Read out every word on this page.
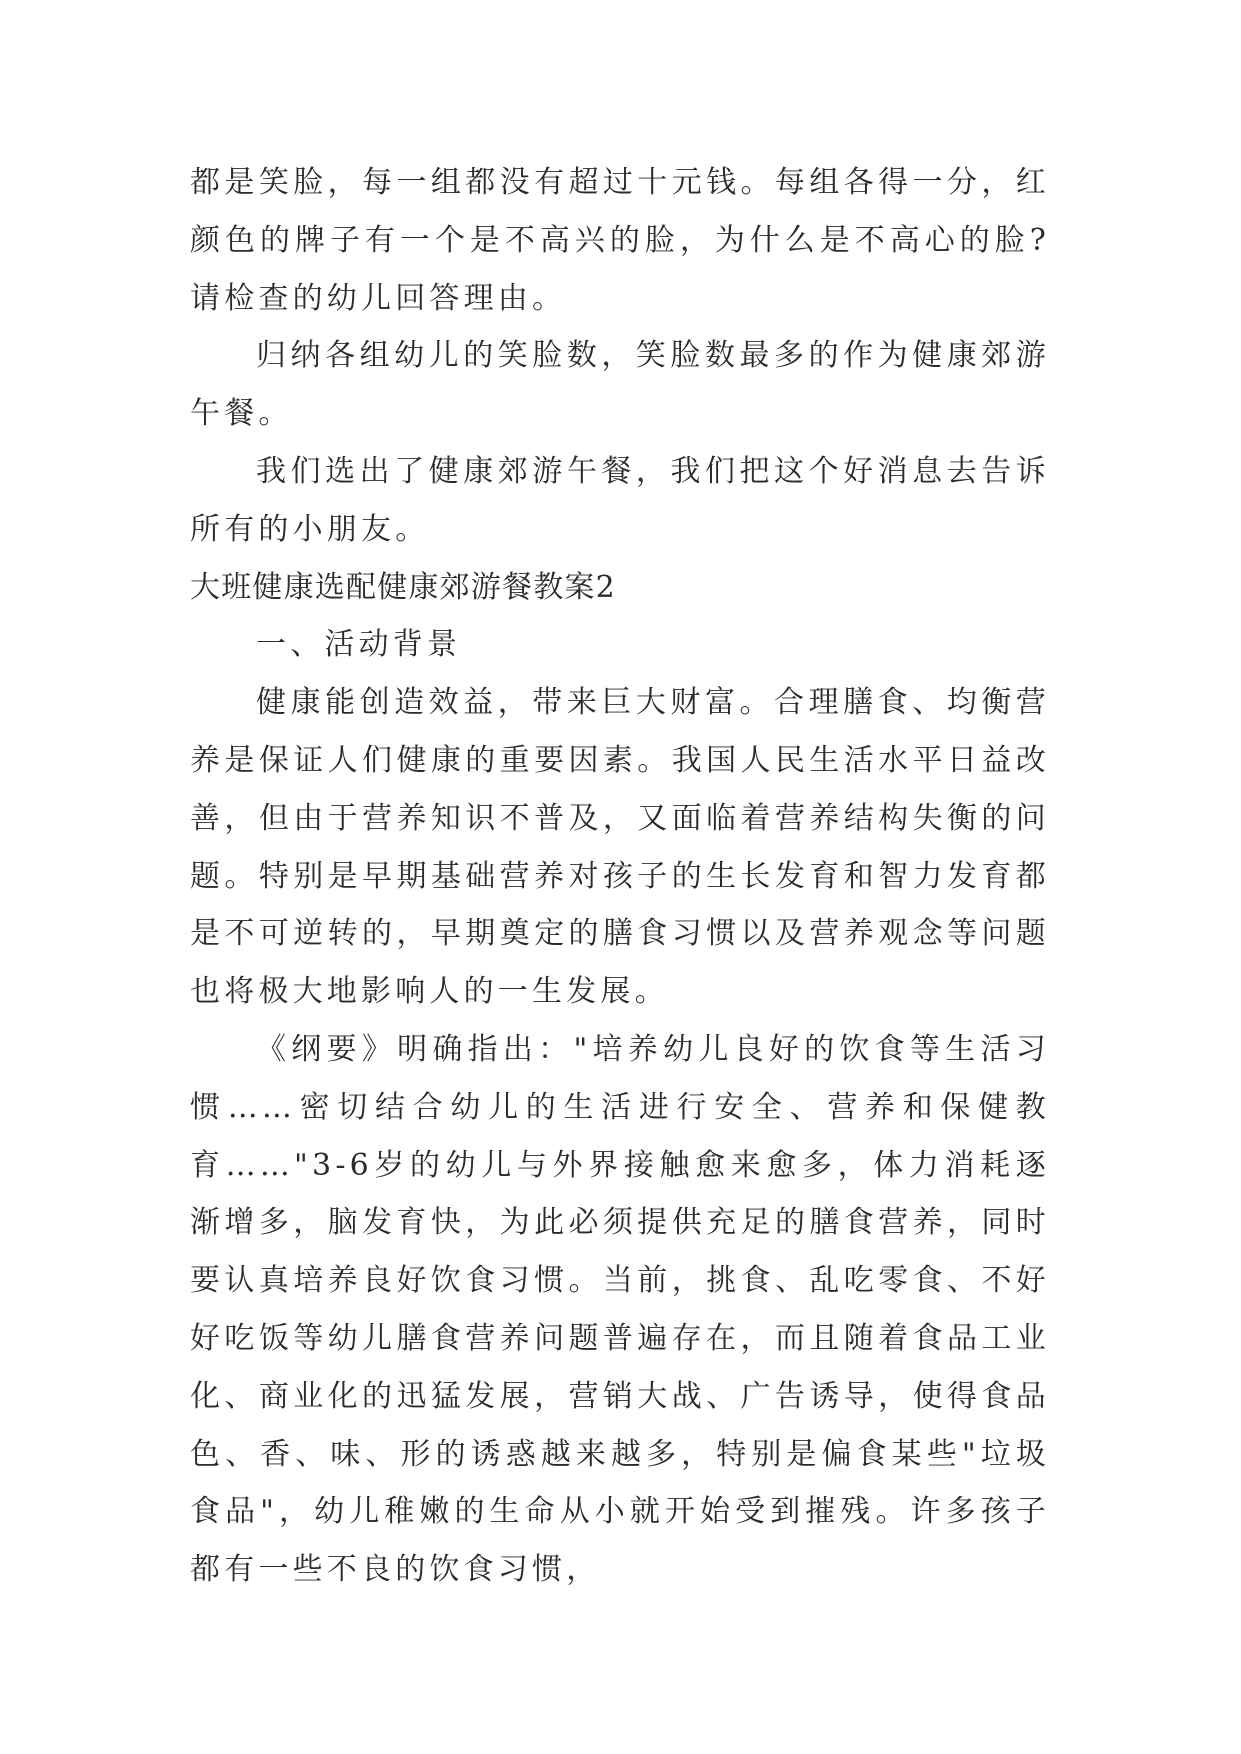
都是笑脸，每一组都没有超过十元钱。每组各得一分，红颜色的牌子有一个是不高兴的脸，为什么是不高心的脸?请检查的幼儿回答理由。

归纳各组幼儿的笑脸数，笑脸数最多的作为健康郊游午餐。

我们选出了健康郊游午餐，我们把这个好消息去告诉所有的小朋友。

大班健康选配健康郊游餐教案2

一、活动背景

健康能创造效益，带来巨大财富。合理膳食、均衡营养是保证人们健康的重要因素。我国人民生活水平日益改善，但由于营养知识不普及，又面临着营养结构失衡的问题。特别是早期基础营养对孩子的生长发育和智力发育都是不可逆转的，早期奠定的膳食习惯以及营养观念等问题也将极大地影响人的一生发展。

《纲要》明确指出："培养幼儿良好的饮食等生活习惯……密切结合幼儿的生活进行安全、营养和保健教育……"3-6岁的幼儿与外界接触愈来愈多，体力消耗逐渐增多，脑发育快，为此必须提供充足的膳食营养，同时要认真培养良好饮食习惯。当前，挑食、乱吃零食、不好好吃饭等幼儿膳食营养问题普遍存在，而且随着食品工业化、商业化的迅猛发展，营销大战、广告诱导，使得食品色、香、味、形的诱惑越来越多，特别是偏食某些"垃圾食品"，幼儿稚嫩的生命从小就开始受到摧残。许多孩子都有一些不良的饮食习惯，
